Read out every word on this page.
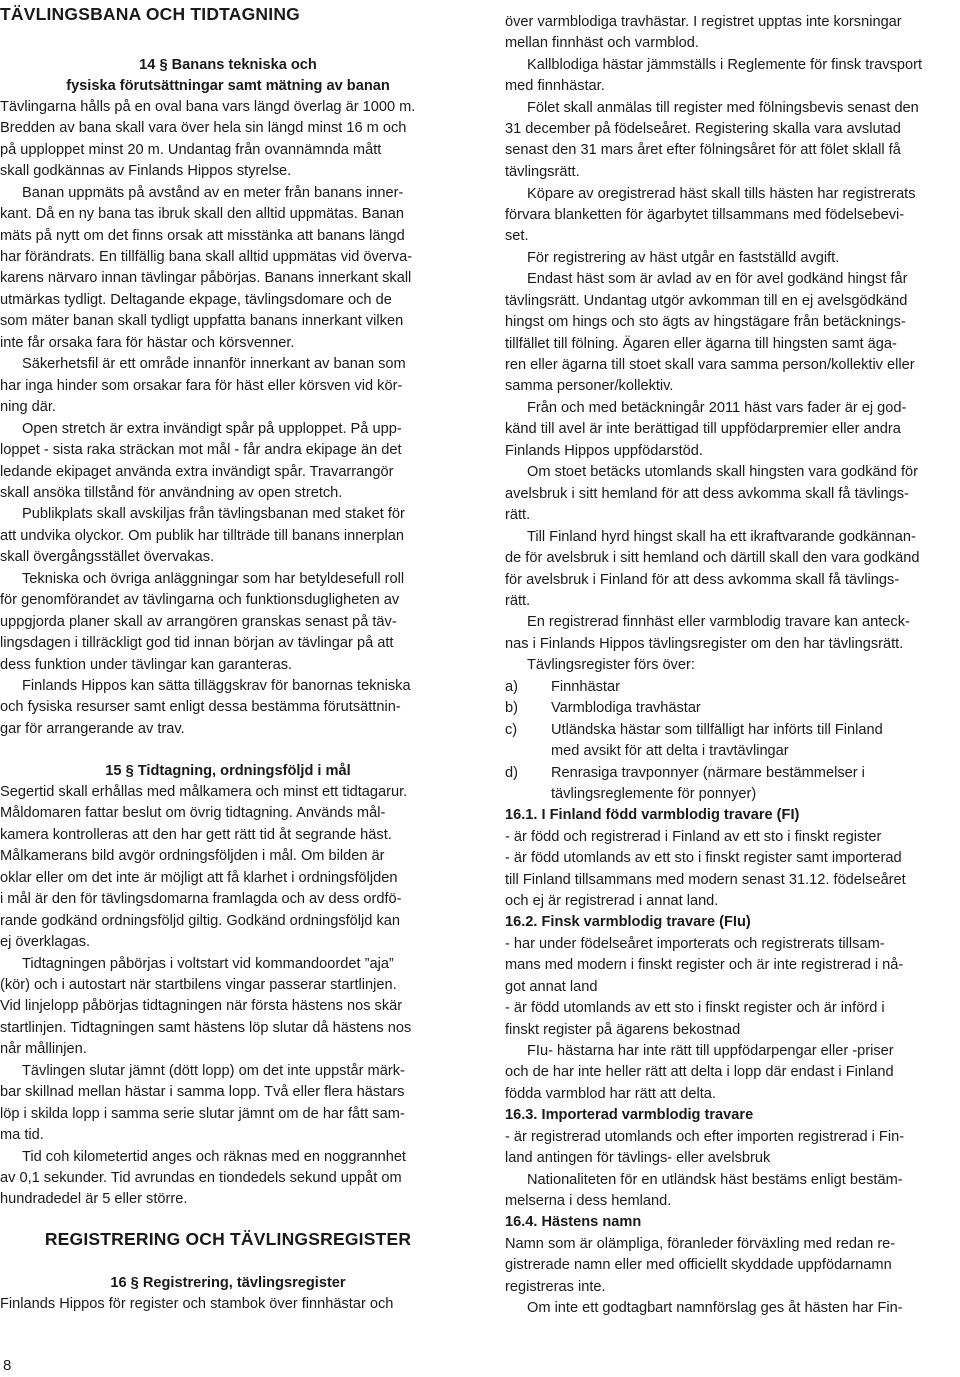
TÄVLINGSBANA OCH TIDTAGNING
14 § Banans tekniska och
fysiska förutsättningar samt mätning av banan
Tävlingarna hålls på en oval bana vars längd överlag är 1000 m.
Bredden av bana skall vara över hela sin längd minst 16 m och
på upploppet minst 20 m. Undantag från ovannämnda mått
skall godkännas av Finlands Hippos styrelse.
Banan uppmäts på avstånd av en meter från banans inner-
kant. Då en ny bana tas ibruk skall den alltid uppmätas. Banan
mäts på nytt om det finns orsak att misstänka att banans längd
har förändrats. En tillfällig bana skall alltid uppmätas vid överva-
karens närvaro innan tävlingar påbörjas. Banans innerkant skall
utmärkas tydligt. Deltagande ekpage, tävlingsdomare och de
som mäter banan skall tydligt uppfatta banans innerkant vilken
inte får orsaka fara för hästar och körsvenner.
Säkerhetsfil är ett område innanför innerkant av banan som
har inga hinder som orsakar fara för häst eller körsven vid kör-
ning där.
Open stretch är extra invändigt spår på upploppet. På upp-
loppet - sista raka sträckan mot mål - får andra ekipage än det
ledande ekipaget använda extra invändigt spår. Travarrangör
skall ansöka tillstånd för användning av open stretch.
Publikplats skall avskiljas från tävlingsbanan med staket för
att undvika olyckor. Om publik har tillträde till banans innerplan
skall övergångsstället övervakas.
Tekniska och övriga anläggningar som har betyldesefull roll
för genomförandet av tävlingarna och funktionsdugligheten av
uppgjorda planer skall av arrangören granskas senast på täv-
lingsdagen i tillräckligt god tid innan början av tävlingar på att
dess funktion under tävlingar kan garanteras.
Finlands Hippos kan sätta tilläggskrav för banornas tekniska
och fysiska resurser samt enligt dessa bestämma förutsättnin-
gar för arrangerande av trav.
15 § Tidtagning, ordningsföljd i mål
Segertid skall erhållas med målkamera och minst ett tidtagarur.
Måldomaren fattar beslut om övrig tidtagning. Används mål-
kamera kontrolleras att den har gett rätt tid åt segrande häst.
Målkamerans bild avgör ordningsföljden i mål. Om bilden är
oklar eller om det inte är möjligt att få klarhet i ordningsföljden
i mål är den för tävlingsdomarna framlagda och av dess ordfö-
rande godkänd ordningsföljd giltig. Godkänd ordningsföljd kan
ej överklagas.
Tidtagningen påbörjas i voltstart vid kommandoordet ”aja”
(kör) och i autostart när startbilens vingar passerar startlinjen.
Vid linjelopp påbörjas tidtagningen när första hästens nos skär
startlinjen. Tidtagningen samt hästens löp slutar då hästens nos
når mållinjen.
Tävlingen slutar jämnt (dött lopp) om det inte uppstår märk-
bar skillnad mellan hästar i samma lopp. Två eller flera hästars
löp i skilda lopp i samma serie slutar jämnt om de har fått sam-
ma tid.
Tid coh kilometertid anges och räknas med en noggrannhet
av 0,1 sekunder. Tid avrundas en tiondedels sekund uppåt om
hundradedel är 5 eller större.
REGISTRERING OCH TÄVLINGSREGISTER
16 § Registrering, tävlingsregister
Finlands Hippos för register och stambok över finnhästar och
över varmblodiga travhästar. I registret upptas inte korsningar
mellan finnhäst och varmblod.
Kallblodiga hästar jämmställs i Reglemente för finsk travsport
med finnhästar.
Fölet skall anmälas till register med fölningsbevis senast den
31 december på födelseåret. Registering skalla vara avslutad
senast den 31 mars året efter fölningsåret för att fölet sklall få
tävlingsrätt.
Köpare av oregistrerad häst skall tills hästen har registrerats
förvara blanketten för ägarbytet tillsammans med födelsebevi-
set.
För registrering av häst utgår en fastställd avgift.
Endast häst som är avlad av en för avel godkänd hingst får
tävlingsrätt. Undantag utgör avkomman till en ej avelsgödkänd
hingst om hings och sto ägts av hingstägare från betäcknings-
tillfället till fölning. Ägaren eller ägarna till hingsten samt äga-
ren eller ägarna till stoet skall vara samma person/kollektiv eller
samma personer/kollektiv.
Från och med betäckningår 2011 häst vars fader är ej god-
känd till avel är inte berättigad till uppfödarpremier eller andra
Finlands Hippos uppfödarstöd.
Om stoet betäcks utomlands skall hingsten vara godkänd för
avelsbruk i sitt hemland för att dess avkomma skall få tävlings-
rätt.
Till Finland hyrd hingst skall ha ett ikraftvarande godkännan-
de för avelsbruk i sitt hemland och därtill skall den vara godkänd
för avelsbruk i Finland för att dess avkomma skall få tävlings-
rätt.
En registrerad finnhäst eller varmblodig travare kan anteck-
nas i Finlands Hippos tävlingsregister om den har tävlingsrätt.
Tävlingsregister förs över:
a) Finnhästar
b) Varmblodiga travhästar
c) Utländska hästar som tillfälligt har införts till Finland
med avsikt för att delta i travtävlingar
d) Renrasiga travponnyer (närmare bestämmelser i
tävlingsreglemente för ponnyer)
16.1. I Finland född varmblodig travare (FI)
- är född och registrerad i Finland av ett sto i finskt register
- är född utomlands av ett sto i finskt register samt importerad
till Finland tillsammans med modern senast 31.12. födelseåret
och ej är registrerad i annat land.
16.2. Finsk varmblodig travare (FIu)
- har under födelseåret importerats och registrerats tillsam-
mans med modern i finskt register och är inte registrerad i nå-
got annat land
- är född utomlands av ett sto i finskt register och är införd i
finskt register på ägarens bekostnad
FIu- hästarna har inte rätt till uppfödarpengar eller -priser
och de har inte heller rätt att delta i lopp där endast i Finland
födda varmblod har rätt att delta.
16.3. Importerad varmblodig travare
- är registrerad utomlands och efter importen registrerad i Fin-
land antingen för tävlings- eller avelsbruk
Nationaliteten för en utländsk häst bestäms enligt bestäm-
melserna i dess hemland.
16.4. Hästens namn
Namn som är olämpliga, föranleder förväxling med redan re-
gistrerade namn eller med officiellt skyddade uppfödarnamn
registreras inte.
Om inte ett godtagbart namnförslag ges åt hästen har Fin-
8
